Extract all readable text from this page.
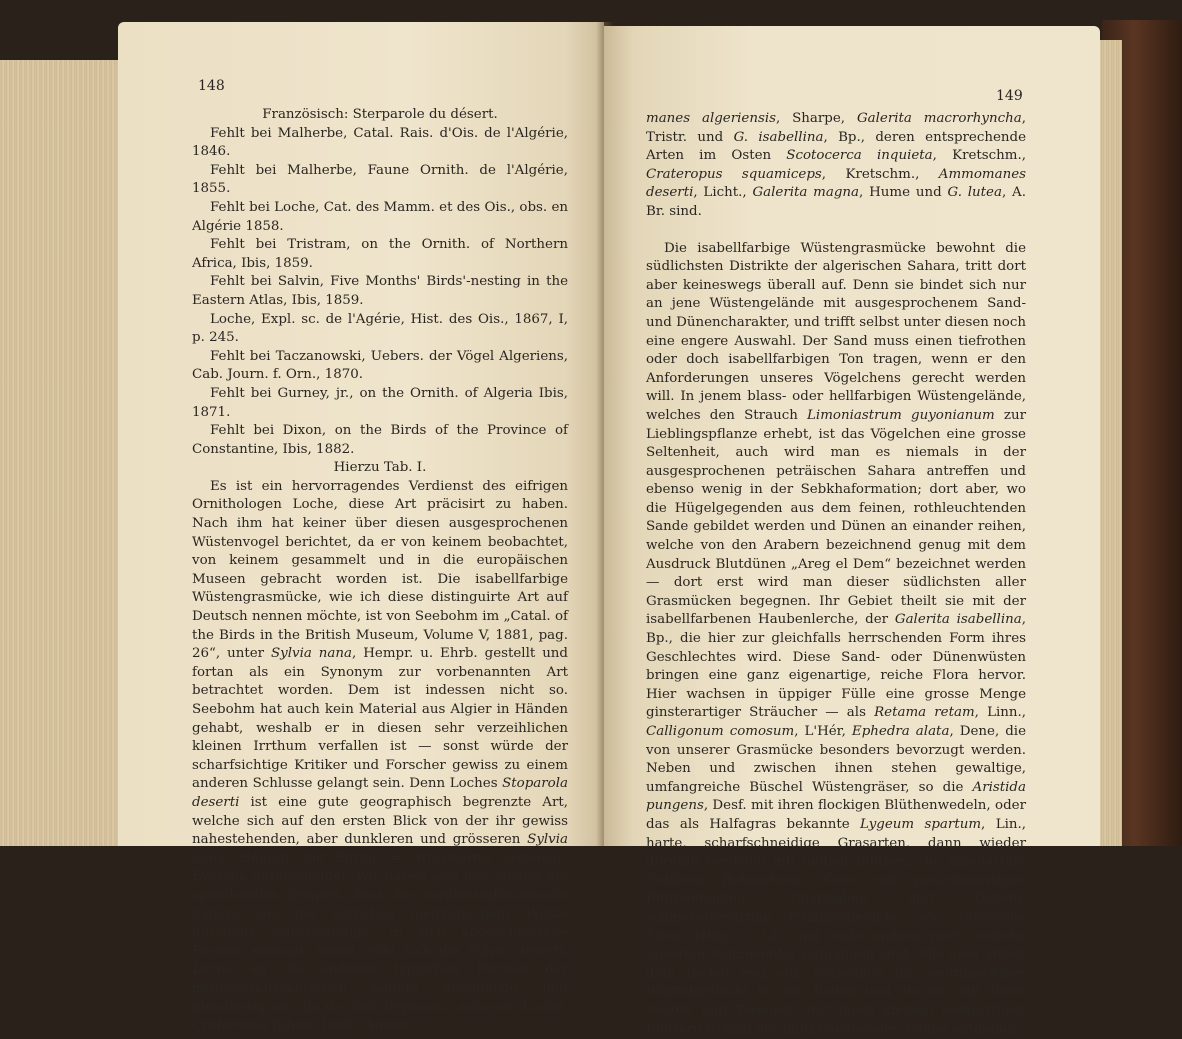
148

Französisch: Sterparole du désert.

Fehlt bei Malherbe, Catal. Rais. d'Ois. de l'Algérie, 1846.

Fehlt bei Malherbe, Faune Ornith. de l'Algérie, 1855.

Fehlt bei Loche, Cat. des Mamm. et des Ois., obs. en Algérie 1858.

Fehlt bei Tristram, on the Ornith. of Northern Africa, Ibis, 1859.

Fehlt bei Salvin, Five Months' Birds'-nesting in the Eastern Atlas, Ibis, 1859.

Loche, Expl. sc. de l'Agérie, Hist. des Ois., 1867, I, p. 245.

Fehlt bei Taczanowski, Uebers. der Vögel Algeriens, Cab. Journ. f. Orn., 1870.

Fehlt bei Gurney, jr., on the Ornith. of Algeria Ibis, 1871.

Fehlt bei Dixon, on the Birds of the Province of Constantine, Ibis, 1882.

Hierzu Tab. I.

Es ist ein hervorragendes Verdienst des eifrigen Ornithologen Loche, diese Art präcisirt zu haben. Nach ihm hat keiner über diesen ausgesprochenen Wüstenvogel berichtet, da er von keinem beobachtet, von keinem gesammelt und in die europäischen Museen gebracht worden ist. Die isabellfarbige Wüstengrasmücke, wie ich diese distinguirte Art auf Deutsch nennen möchte, ist von Seebohm im „Catal. of the Birds in the British Museum, Volume V, 1881, pag. 26“, unter Sylvia nana, Hempr. u. Ehrb. gestellt und fortan als ein Synonym zur vorbenannten Art betrachtet worden. Dem ist indessen nicht so. Seebohm hat auch kein Material aus Algier in Händen gehabt, weshalb er in diesen sehr verzeihlichen kleinen Irrthum verfallen ist — sonst würde der scharfsichtige Kritiker und Forscher gewiss zu einem anderen Schlusse gelangt sein. Denn Loches Stoparola deserti ist eine gute geographisch begrenzte Art, welche sich auf den ersten Blick von der ihr gewiss nahestehenden, aber dunkleren und grösseren Sylvia nana, Hempr. und Ehrbg. = Atraphornis aralensis, Eversm. unterscheidet. Wir haben also hier wieder ein sprechendes Beispiel, dass die nordwestafricanische Sahara von der östlichen (aegyptischen) Wüste durchaus selbstständige, in sich abgeschlossene Formen erzeugt. Somit reiht sich die Sylvia deserti, Loche an die anderen typischen Formen der nordwestafricanischen Sahara ebenbürtig und gleichartig an, als da sind Drymoeca saharae, Loche, Crateropus fulvus, Desf., Ammo-

149

manes algeriensis, Sharpe, Galerita macrorhyncha, Tristr. und G. isabellina, Bp., deren entsprechende Arten im Osten Scotocerca inquieta, Kretschm., Crateropus squamiceps, Kretschm., Ammomanes deserti, Licht., Galerita magna, Hume und G. lutea, A. Br. sind.

Die isabellfarbige Wüstengrasmücke bewohnt die südlichsten Distrikte der algerischen Sahara, tritt dort aber keineswegs überall auf. Denn sie bindet sich nur an jene Wüstengelände mit ausgesprochenem Sand- und Dünencharakter, und trifft selbst unter diesen noch eine engere Auswahl. Der Sand muss einen tiefrothen oder doch isabellfarbigen Ton tragen, wenn er den Anforderungen unseres Vögelchens gerecht werden will. In jenem blass- oder hellfarbigen Wüstengelände, welches den Strauch Limoniastrum guyonianum zur Lieblingspflanze erhebt, ist das Vögelchen eine grosse Seltenheit, auch wird man es niemals in der ausgesprochenen peträischen Sahara antreffen und ebenso wenig in der Sebkhaformation; dort aber, wo die Hügelgegenden aus dem feinen, rothleuchtenden Sande gebildet werden und Dünen an einander reihen, welche von den Arabern bezeichnend genug mit dem Ausdruck Blutdünen „Areg el Dem“ bezeichnet werden — dort erst wird man dieser südlichsten aller Grasmücken begegnen. Ihr Gebiet theilt sie mit der isabellfarbenen Haubenlerche, der Galerita isabellina, Bp., die hier zur gleichfalls herrschenden Form ihres Geschlechtes wird. Diese Sand- oder Dünenwüsten bringen eine ganz eigenartige, reiche Flora hervor. Hier wachsen in üppiger Fülle eine grosse Menge ginsterartiger Sträucher — als Retama retam, Linn., Calligonum comosum, L'Hér, Ephedra alata, Dene, die von unserer Grasmücke besonders bevorzugt werden. Neben und zwischen ihnen stehen gewaltige, umfangreiche Büschel Wüstengräser, so die Aristida pungens, Desf. mit ihren flockigen Blüthenwedeln, oder das als Halfagras bekannte Lygeum spartum, Lin., harte, scharfschneidige Grasarten, dann wieder dornige Genisten mit gelben Blüthen, die eigenartige Gaillonia Reboudiana, Coss. mit perückenartigen Blüthenköpfen, Gnaphalien und Disteln, schmarotzerartige Pflanzengebilde, wie Cistanche lutea, Hffg. u. Lk. und viele andere noch, welche unserem Sammeleifer entgangen sind. Alle aber sitzen dem Boden eng auf, entsenden ihr weitmaschiges Wurzelgeflecht in den Boden und starren mit ihren Aesten und Zweigen, mit ihren kleinen lederartigen Blättern trotzig der gluthhauchenden Sonne entgegen.
